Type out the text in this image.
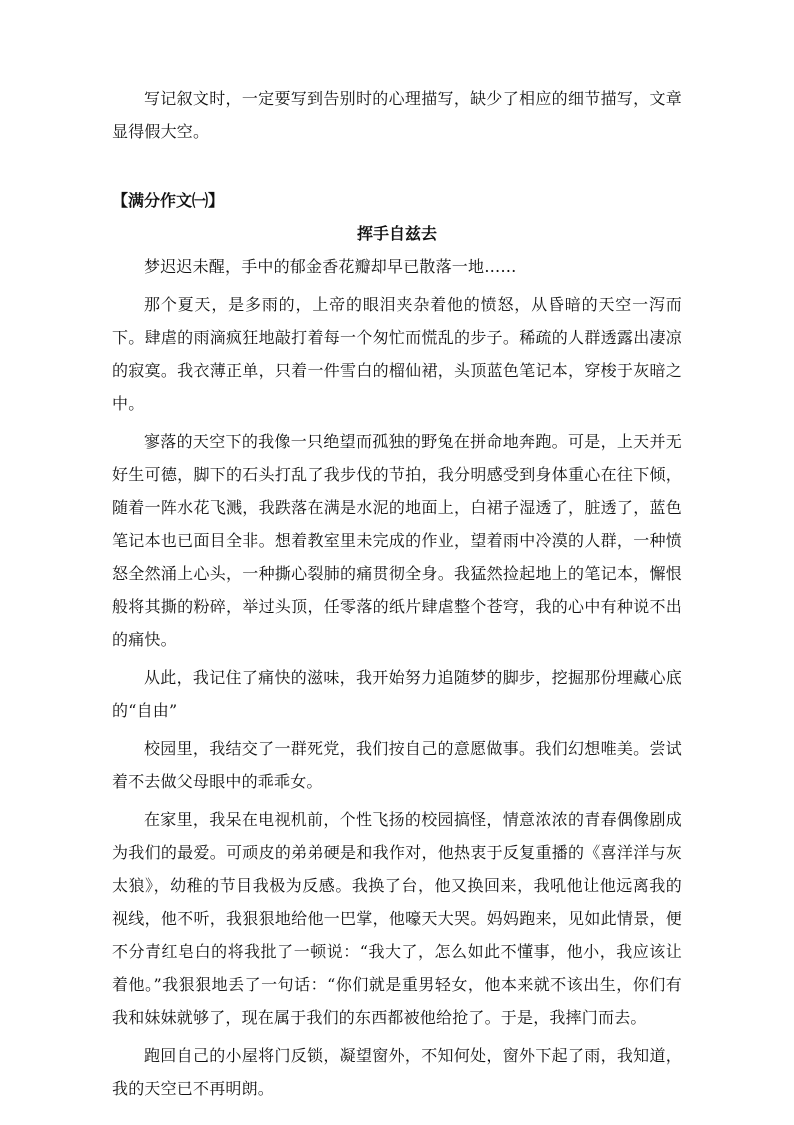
写记叙文时，一定要写到告别时的心理描写，缺少了相应的细节描写，文章显得假大空。

【满分作文㈠】
挥手自兹去

梦迟迟未醒，手中的郁金香花瓣却早已散落一地……

那个夏天，是多雨的，上帝的眼泪夹杂着他的愤怒，从昏暗的天空一泻而下。肆虐的雨滴疯狂地敲打着每一个匆忙而慌乱的步子。稀疏的人群透露出凄凉的寂寞。我衣薄正单，只着一件雪白的榴仙裙，头顶蓝色笔记本，穿梭于灰暗之中。

寥落的天空下的我像一只绝望而孤独的野兔在拼命地奔跑。可是，上天并无好生可德，脚下的石头打乱了我步伐的节拍，我分明感受到身体重心在往下倾，随着一阵水花飞溅，我跌落在满是水泥的地面上，白裙子湿透了，脏透了，蓝色笔记本也已面目全非。想着教室里未完成的作业，望着雨中冷漠的人群，一种愤怒全然涌上心头，一种撕心裂肺的痛贯彻全身。我猛然捡起地上的笔记本，懈恨般将其撕的粉碎，举过头顶，任零落的纸片肆虐整个苍穹，我的心中有种说不出的痛快。

从此，我记住了痛快的滋味，我开始努力追随梦的脚步，挖掘那份埋藏心底的“自由”

校园里，我结交了一群死党，我们按自己的意愿做事。我们幻想唯美。尝试着不去做父母眼中的乖乖女。

在家里，我呆在电视机前，个性飞扬的校园搞怪，情意浓浓的青春偶像剧成为我们的最爱。可顽皮的弟弟硬是和我作对，他热衷于反复重播的《喜洋洋与灰太狼》，幼稚的节目我极为反感。我换了台，他又换回来，我吼他让他远离我的视线，他不听，我狠狠地给他一巴掌，他嚎天大哭。妈妈跑来，见如此情景，便不分青红皂白的将我批了一顿说：“我大了，怎么如此不懂事，他小，我应该让着他。”我狠狠地丢了一句话：“你们就是重男轻女，他本来就不该出生，你们有我和妹妹就够了，现在属于我们的东西都被他给抢了。于是，我摔门而去。

跑回自己的小屋将门反锁，凝望窗外，不知何处，窗外下起了雨，我知道，我的天空已不再明朗。
